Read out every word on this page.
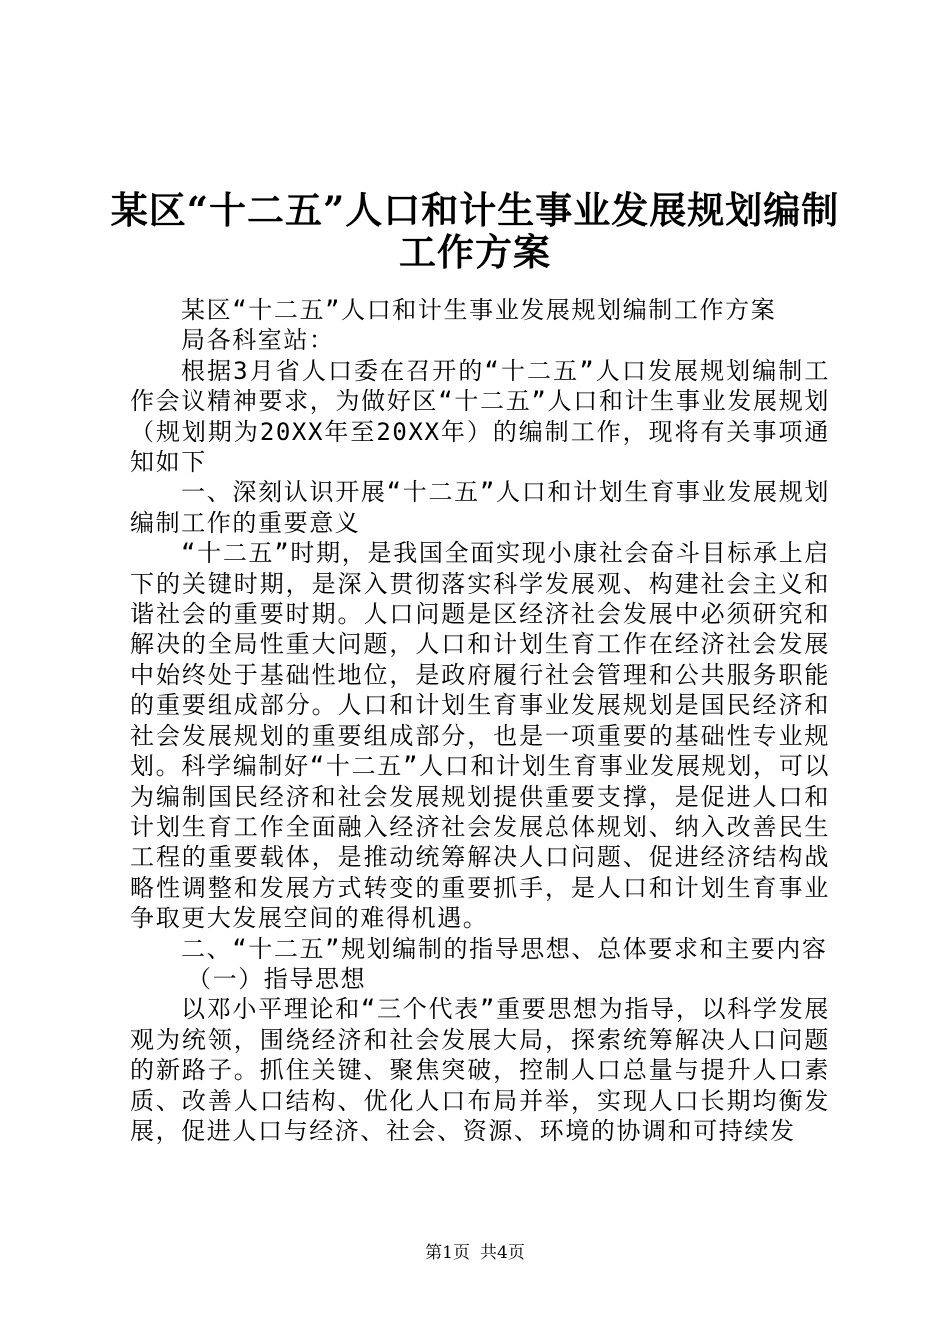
某区“十二五”人口和计生事业发展规划编制
工作方案

某区“十二五”人口和计生事业发展规划编制工作方案

局各科室站：

根据3月省人口委在召开的“十二五”人口发展规划编制工作会议精神要求，为做好区“十二五”人口和计生事业发展规划（规划期为20XX年至20XX年）的编制工作，现将有关事项通知如下

一、深刻认识开展“十二五”人口和计划生育事业发展规划编制工作的重要意义

“十二五”时期，是我国全面实现小康社会奋斗目标承上启下的关键时期，是深入贯彻落实科学发展观、构建社会主义和谐社会的重要时期。人口问题是区经济社会发展中必须研究和解决的全局性重大问题，人口和计划生育工作在经济社会发展中始终处于基础性地位，是政府履行社会管理和公共服务职能的重要组成部分。人口和计划生育事业发展规划是国民经济和社会发展规划的重要组成部分，也是一项重要的基础性专业规划。科学编制好“十二五”人口和计划生育事业发展规划，可以为编制国民经济和社会发展规划提供重要支撑，是促进人口和计划生育工作全面融入经济社会发展总体规划、纳入改善民生工程的重要载体，是推动统筹解决人口问题、促进经济结构战略性调整和发展方式转变的重要抓手，是人口和计划生育事业争取更大发展空间的难得机遇。

二、“十二五”规划编制的指导思想、总体要求和主要内容

（一）指导思想

以邓小平理论和“三个代表”重要思想为指导，以科学发展观为统领，围绕经济和社会发展大局，探索统筹解决人口问题的新路子。抓住关键、聚焦突破，控制人口总量与提升人口素质、改善人口结构、优化人口布局并举，实现人口长期均衡发展，促进人口与经济、社会、资源、环境的协调和可持续发

第1页 共4页
